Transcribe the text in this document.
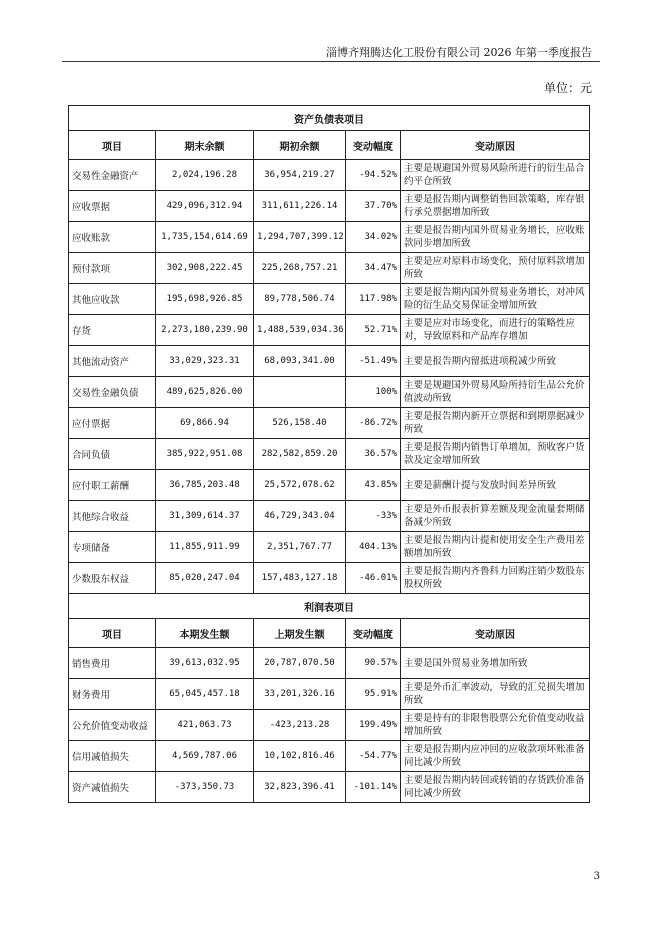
淄博齐翔腾达化工股份有限公司 2026 年第一季度报告
单位：元
资产负债表项目				
项目	期末余额	期初余额	变动幅度	变动原因
交易性金融资产	2,024,196.28	36,954,219.27	-94.52%	主要是规避国外贸易风险所进行的衍生品合约平仓所致
应收票据	429,096,312.94	311,611,226.14	37.70%	主要是报告期内调整销售回款策略，库存银行承兑票据增加所致
应收账款	1,735,154,614.69	1,294,707,399.12	34.02%	主要是报告期内国外贸易业务增长，应收账款同步增加所致
预付款项	302,908,222.45	225,268,757.21	34.47%	主要是应对原料市场变化，预付原料款增加所致
其他应收款	195,698,926.85	89,778,506.74	117.98%	主要是报告期内国外贸易业务增长，对冲风险的衍生品交易保证金增加所致
存货	2,273,180,239.90	1,488,539,034.36	52.71%	主要是应对市场变化，而进行的策略性应对，导致原料和产品库存增加
其他流动资产	33,029,323.31	68,093,341.00	-51.49%	主要是报告期内留抵进项税减少所致
交易性金融负债	489,625,826.00		100%	主要是规避国外贸易风险所持衍生品公允价值波动所致
应付票据	69,866.94	526,158.40	-86.72%	主要是报告期内新开立票据和到期票据减少所致
合同负债	385,922,951.08	282,582,859.20	36.57%	主要是报告期内销售订单增加，预收客户货款及定金增加所致
应付职工薪酬	36,785,203.48	25,572,078.62	43.85%	主要是薪酬计提与发放时间差异所致
其他综合收益	31,309,614.37	46,729,343.04	-33%	主要是外币报表折算差额及现金流量套期储备减少所致
专项储备	11,855,911.99	2,351,767.77	404.13%	主要是报告期内计提和使用安全生产费用差额增加所致
少数股东权益	85,020,247.04	157,483,127.18	-46.01%	主要是报告期内齐鲁科力回购注销少数股东股权所致
利润表项目				
项目	本期发生额	上期发生额	变动幅度	变动原因
销售费用	39,613,032.95	20,787,070.50	90.57%	主要是国外贸易业务增加所致
财务费用	65,045,457.18	33,201,326.16	95.91%	主要是外币汇率波动，导致的汇兑损失增加所致
公允价值变动收益	421,063.73	-423,213.28	199.49%	主要是持有的非限售股票公允价值变动收益增加所致
信用减值损失	4,569,787.06	10,102,816.46	-54.77%	主要是报告期内应冲回的应收款项坏账准备同比减少所致
资产减值损失	-373,350.73	32,823,396.41	-101.14%	主要是报告期内转回或转销的存货跌价准备同比减少所致
3
